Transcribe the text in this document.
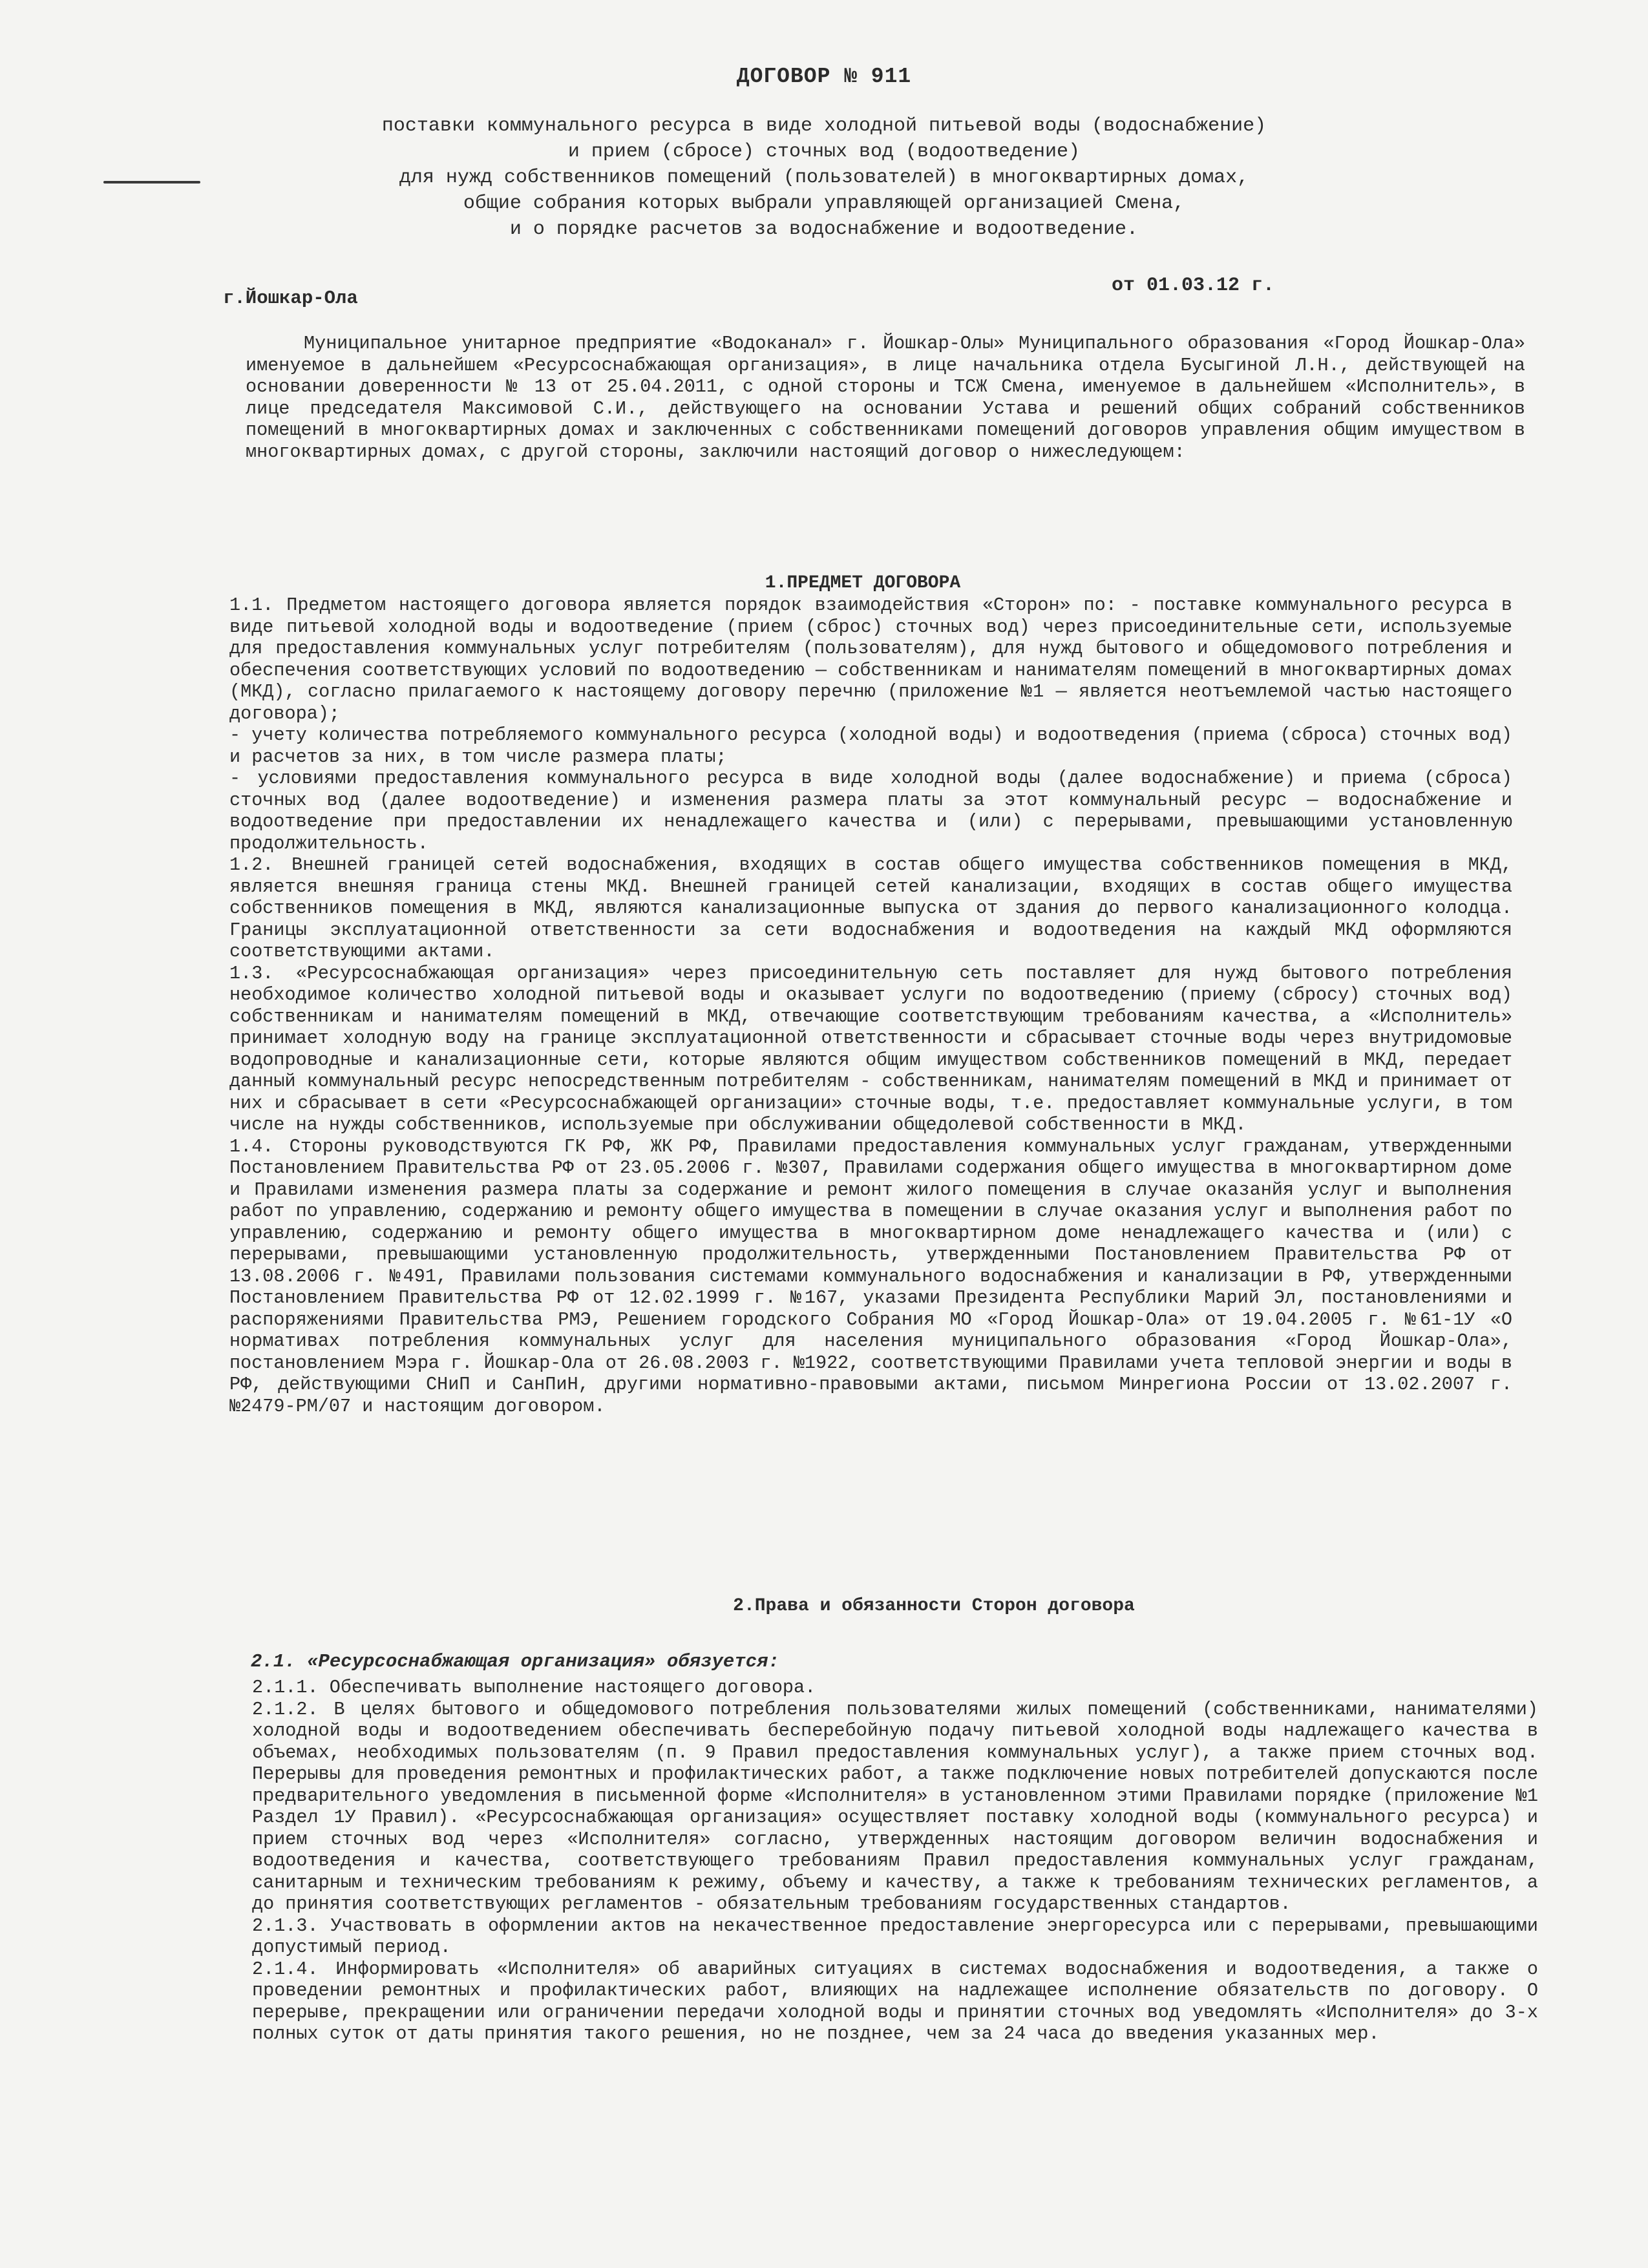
ДОГОВОР № 911
поставки коммунального ресурса в виде холодной питьевой воды (водоснабжение)
и прием (сбросе) сточных вод (водоотведение)
для нужд собственников помещений (пользователей) в многоквартирных домах,
общие собрания которых выбрали управляющей организацией Смена,
и о порядке расчетов за водоснабжение и водоотведение.
г.Йошкар-Ола
от 01.03.12 г.

Муниципальное унитарное предприятие «Водоканал» г. Йошкар-Олы» Муниципального образования «Город Йошкар-Ола» именуемое в дальнейшем «Ресурсоснабжающая организация», в лице начальника отдела Бусыгиной Л.Н., действующей на основании доверенности № 13 от 25.04.2011, с одной стороны и ТСЖ Смена, именуемое в дальнейшем «Исполнитель», в лице председателя Максимовой С.И., действующего на основании Устава и решений общих собраний собственников помещений в многоквартирных домах и заключенных с собственниками помещений договоров управления общим имуществом в многоквартирных домах, с другой стороны, заключили настоящий договор о нижеследующем:

1.ПРЕДМЕТ ДОГОВОРА

1.1. Предметом настоящего договора является порядок взаимодействия «Сторон» по: - поставке коммунального ресурса в виде питьевой холодной воды и водоотведение (прием (сброс) сточных вод) через присоединительные сети, используемые для предоставления коммунальных услуг потребителям (пользователям), для нужд бытового и общедомового потребления и обеспечения соответствующих условий по водоотведению — собственникам и нанимателям помещений в многоквартирных домах (МКД), согласно прилагаемого к настоящему договору перечню (приложение №1 — является неотъемлемой частью настоящего договора);

- учету количества потребляемого коммунального ресурса (холодной воды) и водоотведения (приема (сброса) сточных вод) и расчетов за них, в том числе размера платы;

- условиями предоставления коммунального ресурса в виде холодной воды (далее водоснабжение) и приема (сброса) сточных вод (далее водоотведение) и изменения размера платы за этот коммунальный ресурс — водоснабжение и водоотведение при предоставлении их ненадлежащего качества и (или) с перерывами, превышающими установленную продолжительность.

1.2. Внешней границей сетей водоснабжения, входящих в состав общего имущества собственников помещения в МКД, является внешняя граница стены МКД. Внешней границей сетей канализации, входящих в состав общего имущества собственников помещения в МКД, являются канализационные выпуска от здания до первого канализационного колодца. Границы эксплуатационной ответственности за сети водоснабжения и водоотведения на каждый МКД оформляются соответствующими актами.

1.3. «Ресурсоснабжающая организация» через присоединительную сеть поставляет для нужд бытового потребления необходимое количество холодной питьевой воды и оказывает услуги по водоотведению (приему (сбросу) сточных вод) собственникам и нанимателям помещений в МКД, отвечающие соответствующим требованиям качества, а «Исполнитель» принимает холодную воду на границе эксплуатационной ответственности и сбрасывает сточные воды через внутридомовые водопроводные и канализационные сети, которые являются общим имуществом собственников помещений в МКД, передает данный коммунальный ресурс непосредственным потребителям - собственникам, нанимателям помещений в МКД и принимает от них и сбрасывает в сети «Ресурсоснабжающей организации» сточные воды, т.е. предоставляет коммунальные услуги, в том числе на нужды собственников, используемые при обслуживании общедолевой собственности в МКД.

1.4. Стороны руководствуются ГК РФ, ЖК РФ, Правилами предоставления коммунальных услуг гражданам, утвержденными Постановлением Правительства РФ от 23.05.2006 г. №307, Правилами содержания общего имущества в многоквартирном доме и Правилами изменения размера платы за содержание и ремонт жилого помещения в случае оказанйя услуг и выполнения работ по управлению, содержанию и ремонту общего имущества в помещении в случае оказания услуг и выполнения работ по управлению, содержанию и ремонту общего имущества в многоквартирном доме ненадлежащего качества и (или) с перерывами, превышающими установленную продолжительность, утвержденными Постановлением Правительства РФ от 13.08.2006 г. №491, Правилами пользования системами коммунального водоснабжения и канализации в РФ, утвержденными Постановлением Правительства РФ от 12.02.1999 г. №167, указами Президента Республики Марий Эл, постановлениями и распоряжениями Правительства РМЭ, Решением городского Собрания МО «Город Йошкар-Ола» от 19.04.2005 г. №61-1У «О нормативах потребления коммунальных услуг для населения муниципального образования «Город Йошкар-Ола», постановлением Мэра г. Йошкар-Ола от 26.08.2003 г. №1922, соответствующими Правилами учета тепловой энергии и воды в РФ, действующими СНиП и СанПиН, другими нормативно-правовыми актами, письмом Минрегиона России от 13.02.2007 г. №2479-РМ/07 и настоящим договором.

2.Права и обязанности Сторон договора
2.1. «Ресурсоснабжающая организация» обязуется:

2.1.1. Обеспечивать выполнение настоящего договора.

2.1.2. В целях бытового и общедомового потребления пользователями жилых помещений (собственниками, нанимателями) холодной воды и водоотведением обеспечивать бесперебойную подачу питьевой холодной воды надлежащего качества в объемах, необходимых пользователям (п. 9 Правил предоставления коммунальных услуг), а также прием сточных вод. Перерывы для проведения ремонтных и профилактических работ, а также подключение новых потребителей допускаются после предварительного уведомления в письменной форме «Исполнителя» в установленном этими Правилами порядке (приложение №1 Раздел 1У Правил). «Ресурсоснабжающая организация» осуществляет поставку холодной воды (коммунального ресурса) и прием сточных вод через «Исполнителя» согласно, утвержденных настоящим договором величин водоснабжения и водоотведения и качества, соответствующего требованиям Правил предоставления коммунальных услуг гражданам, санитарным и техническим требованиям к режиму, объему и качеству, а также к требованиям технических регламентов, а до принятия соответствующих регламентов - обязательным требованиям государственных стандартов.

2.1.3. Участвовать в оформлении актов на некачественное предоставление энергоресурса или с перерывами, превышающими допустимый период.

2.1.4. Информировать «Исполнителя» об аварийных ситуациях в системах водоснабжения и водоотведения, а также о проведении ремонтных и профилактических работ, влияющих на надлежащее исполнение обязательств по договору. О перерыве, прекращении или ограничении передачи холодной воды и принятии сточных вод уведомлять «Исполнителя» до 3-х полных суток от даты принятия такого решения, но не позднее, чем за 24 часа до введения указанных мер.
